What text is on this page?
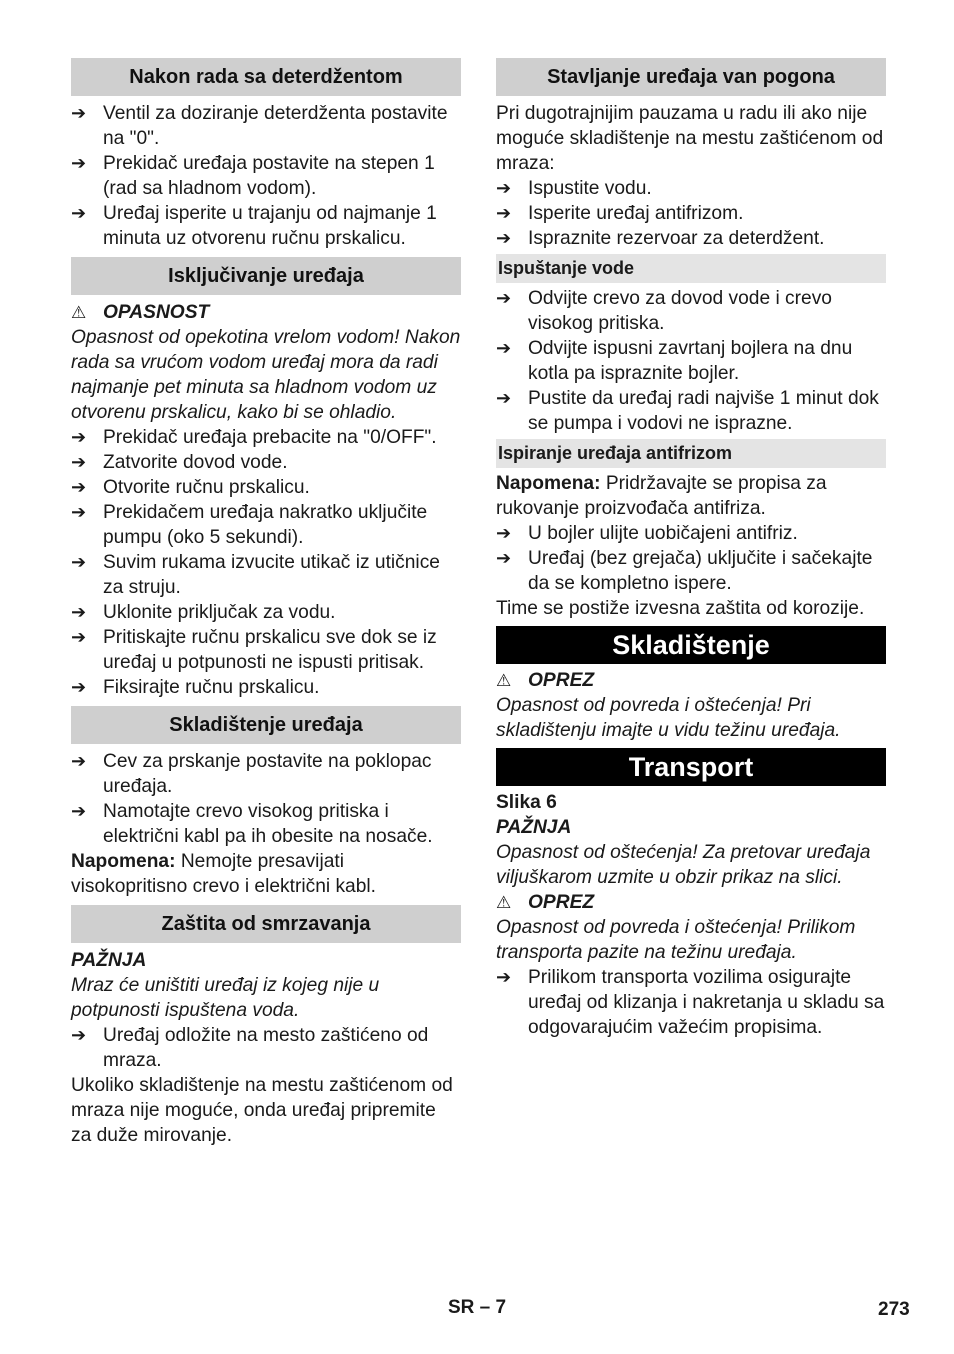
Nakon rada sa deterdžentom
➔ Ventil za doziranje deterdženta postavite na "0".
➔ Prekidač uređaja postavite na stepen 1 (rad sa hladnom vodom).
➔ Uređaj isperite u trajanju od najmanje 1 minuta uz otvorenu ručnu prskalicu.
Isključivanje uređaja
⚠ OPASNOST

Opasnost od opekotina vrelom vodom! Nakon rada sa vrućom vodom uređaj mora da radi najmanje pet minuta sa hladnom vodom uz otvorenu prskalicu, kako bi se ohladio.

➔ Prekidač uređaja prebacite na "0/OFF".
➔ Zatvorite dovod vode.
➔ Otvorite ručnu prskalicu.
➔ Prekidačem uređaja nakratko uključite pumpu (oko 5 sekundi).
➔ Suvim rukama izvucite utikač iz utičnice za struju.
➔ Uklonite priključak za vodu.
➔ Pritiskajte ručnu prskalicu sve dok se iz uređaj u potpunosti ne ispusti pritisak.
➔ Fiksirajte ručnu prskalicu.
Skladištenje uređaja
➔ Cev za prskanje postavite na poklopac uređaja.
➔ Namotajte crevo visokog pritiska i električni kabl pa ih obesite na nosače.

Napomena: Nemojte presavijati visokopritisno crevo i električni kabl.

Zaštita od smrzavanja

PAŽNJA

Mraz će uništiti uređaj iz kojeg nije u potpunosti ispuštena voda.

➔ Uređaj odložite na mesto zaštićeno od mraza.

Ukoliko skladištenje na mestu zaštićenom od mraza nije moguće, onda uređaj pripremite za duže mirovanje.

Stavljanje uređaja van pogona

Pri dugotrajnijim pauzama u radu ili ako nije moguće skladištenje na mestu zaštićenom od mraza:

➔ Ispustite vodu.
➔ Isperite uređaj antifrizom.
➔ Ispraznite rezervoar za deterdžent.
Ispuštanje vode
➔ Odvijte crevo za dovod vode i crevo visokog pritiska.
➔ Odvijte ispusni zavrtanj bojlera na dnu kotla pa ispraznite bojler.
➔ Pustite da uređaj radi najviše 1 minut dok se pumpa i vodovi ne isprazne.
Ispiranje uređaja antifrizom

Napomena: Pridržavajte se propisa za rukovanje proizvođača antifriza.

➔ U bojler ulijte uobičajeni antifriz.
➔ Uređaj (bez grejača) uključite i sačekajte da se kompletno ispere.

Time se postiže izvesna zaštita od korozije.

Skladištenje
⚠ OPREZ

Opasnost od povreda i oštećenja! Pri skladištenju imajte u vidu težinu uređaja.

Transport

Slika 6

PAŽNJA

Opasnost od oštećenja! Za pretovar uređaja viljuškarom uzmite u obzir prikaz na slici.

⚠ OPREZ

Opasnost od povreda i oštećenja! Prilikom transporta pazite na težinu uređaja.

➔ Prilikom transporta vozilima osigurajte uređaj od klizanja i nakretanja u skladu sa odgovarajućim važećim propisima.
SR – 7	273
